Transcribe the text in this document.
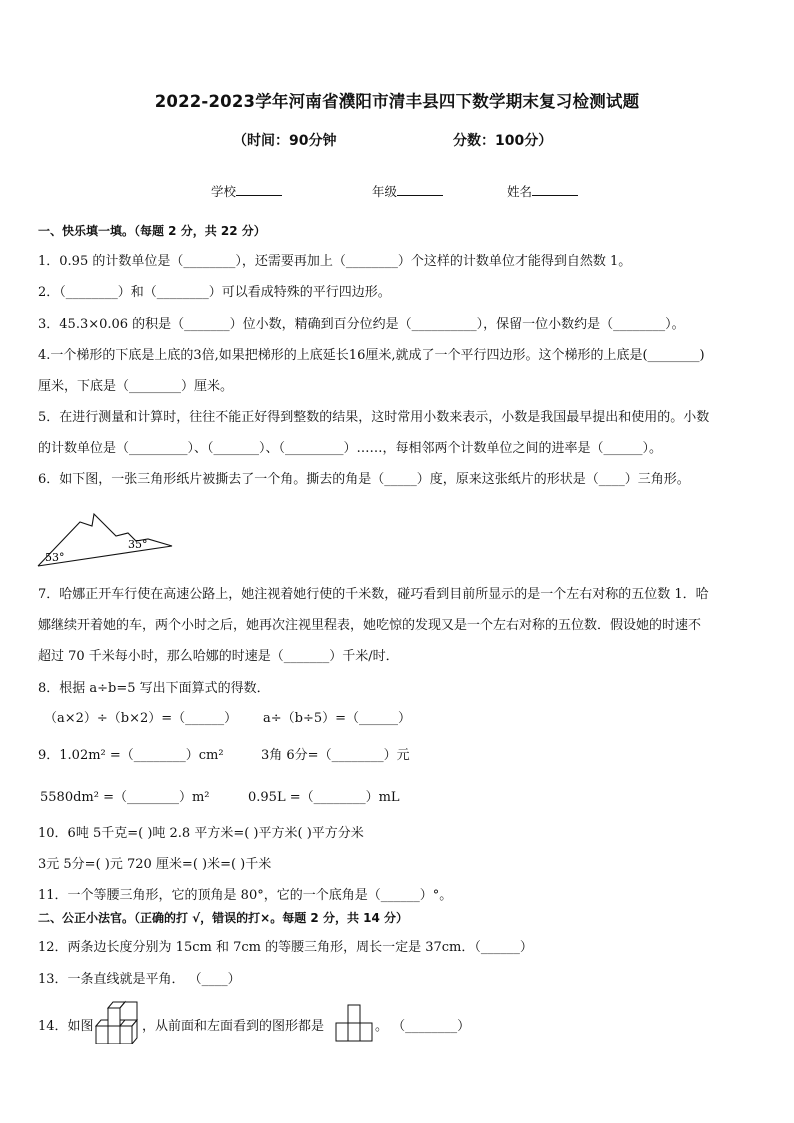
2022-2023学年河南省濮阳市清丰县四下数学期末复习检测试题
（时间：90分钟	分数：100分）
学校	年级	姓名
一、快乐填一填。（每题 2 分，共 22 分）
1．0.95 的计数单位是（________），还需要再加上（________）个这样的计数单位才能得到自然数 1。
2．（________）和（________）可以看成特殊的平行四边形。
3．45.3×0.06 的积是（_______）位小数，精确到百分位约是（__________），保留一位小数约是（________）。
4.一个梯形的下底是上底的3倍,如果把梯形的上底延长16厘米,就成了一个平行四边形。这个梯形的上底是(________)
厘米，下底是（________）厘米。
5．在进行测量和计算时，往往不能正好得到整数的结果，这时常用小数来表示，小数是我国最早提出和使用的。小数
的计数单位是（_________）、（_______）、（_________）……，每相邻两个计数单位之间的进率是（______）。
6．如下图，一张三角形纸片被撕去了一个角。撕去的角是（_____）度，原来这张纸片的形状是（____）三角形。
53°
35°
7．哈娜正开车行使在高速公路上，她注视着她行使的千米数，碰巧看到目前所显示的是一个左右对称的五位数 1．哈
娜继续开着她的车，两个小时之后，她再次注视里程表，她吃惊的发现又是一个左右对称的五位数．假设她的时速不
超过 70 千米每小时，那么哈娜的时速是（_______）千米/时．
8．根据 a÷b=5 写出下面算式的得数．
（a×2）÷（b×2）=（______） a÷（b÷5）=（______）
9．1.02m² =（________）cm²	3角 6分=（________）元
5580dm² =（________）m²	0.95L =（________）mL
10．6吨 5千克=( )吨 2.8 平方米=( )平方米( )平方分米
3元 5分=( )元 720 厘米=( )米=( )千米
11．一个等腰三角形，它的顶角是 80°，它的一个底角是（______）°。
二、公正小法官。（正确的打 √，错误的打×。每题 2 分，共 14 分）
12．两条边长度分别为 15cm 和 7cm 的等腰三角形，周长一定是 37cm．（______）
13．一条直线就是平角． （____）
14．如图	，从前面和左面看到的图形都是	。 （________）
